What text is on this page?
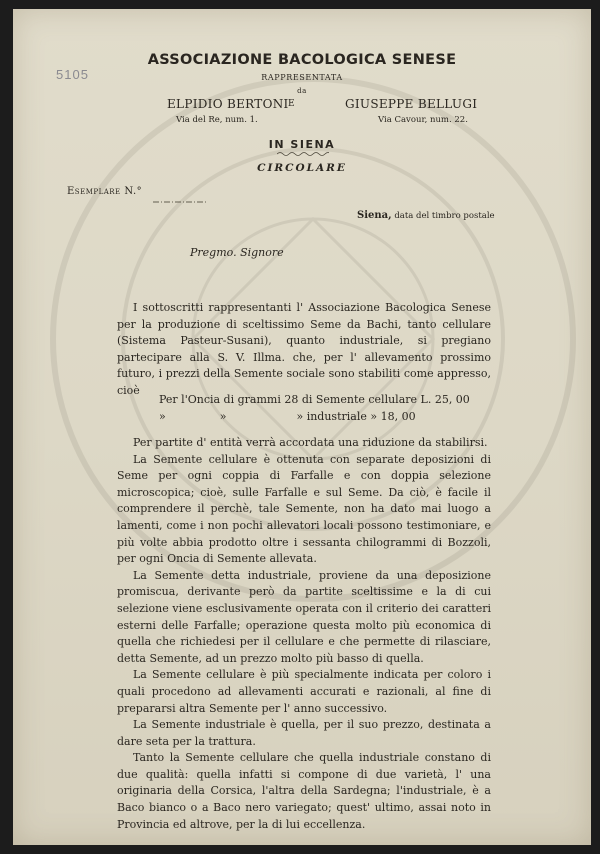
5105
ASSOCIAZIONE BACOLOGICA SENESE
RAPPRESENTATA
da
ELPIDIO BERTONI E	GIUSEPPE BELLUGI
Via del Re, num. 1.	Via Cavour, num. 22.
IN SIENA
CIRCOLARE
Esemplare N.°
Siena, data del timbro postale
Pregmo. Signore

I sottoscritti rappresentanti l' Associazione Bacologica Senese per la produzione di sceltissimo Seme da Bachi, tanto cellulare (Sistema Pasteur-Susani), quanto industriale, si pregiano partecipare alla S. V. Illma. che, per l' allevamento prossimo futuro, i prezzi della Semente sociale sono stabiliti come appresso, cioè

Per l'Oncia di grammi 28 di Semente cellulare L. 25, 00
»	»	» industriale » 18, 00

Per partite d' entità verrà accordata una riduzione da stabilirsi.

La Semente cellulare è ottenuta con separate deposizioni di Seme per ogni coppia di Farfalle e con doppia selezione microscopica; cioè, sulle Farfalle e sul Seme. Da ciò, è facile il comprendere il perchè, tale Semente, non ha dato mai luogo a lamenti, come i non pochi allevatori locali possono testimoniare, e più volte abbia prodotto oltre i sessanta chilogrammi di Bozzoli, per ogni Oncia di Semente allevata.

La Semente detta industriale, proviene da una deposizione promiscua, derivante però da partite sceltissime e la di cui selezione viene esclusivamente operata con il criterio dei caratteri esterni delle Farfalle; operazione questa molto più economica di quella che richiedesi per il cellulare e che permette di rilasciare, detta Semente, ad un prezzo molto più basso di quella.

La Semente cellulare è più specialmente indicata per coloro i quali procedono ad allevamenti accurati e razionali, al fine di prepararsi altra Semente per l' anno successivo.

La Semente industriale è quella, per il suo prezzo, destinata a dare seta per la trattura.

Tanto la Semente cellulare che quella industriale constano di due qualità: quella infatti si compone di due varietà, l' una originaria della Corsica, l'altra della Sardegna; l'industriale, è a Baco bianco o a Baco nero variegato; quest' ultimo, assai noto in Provincia ed altrove, per la di lui eccellenza.
